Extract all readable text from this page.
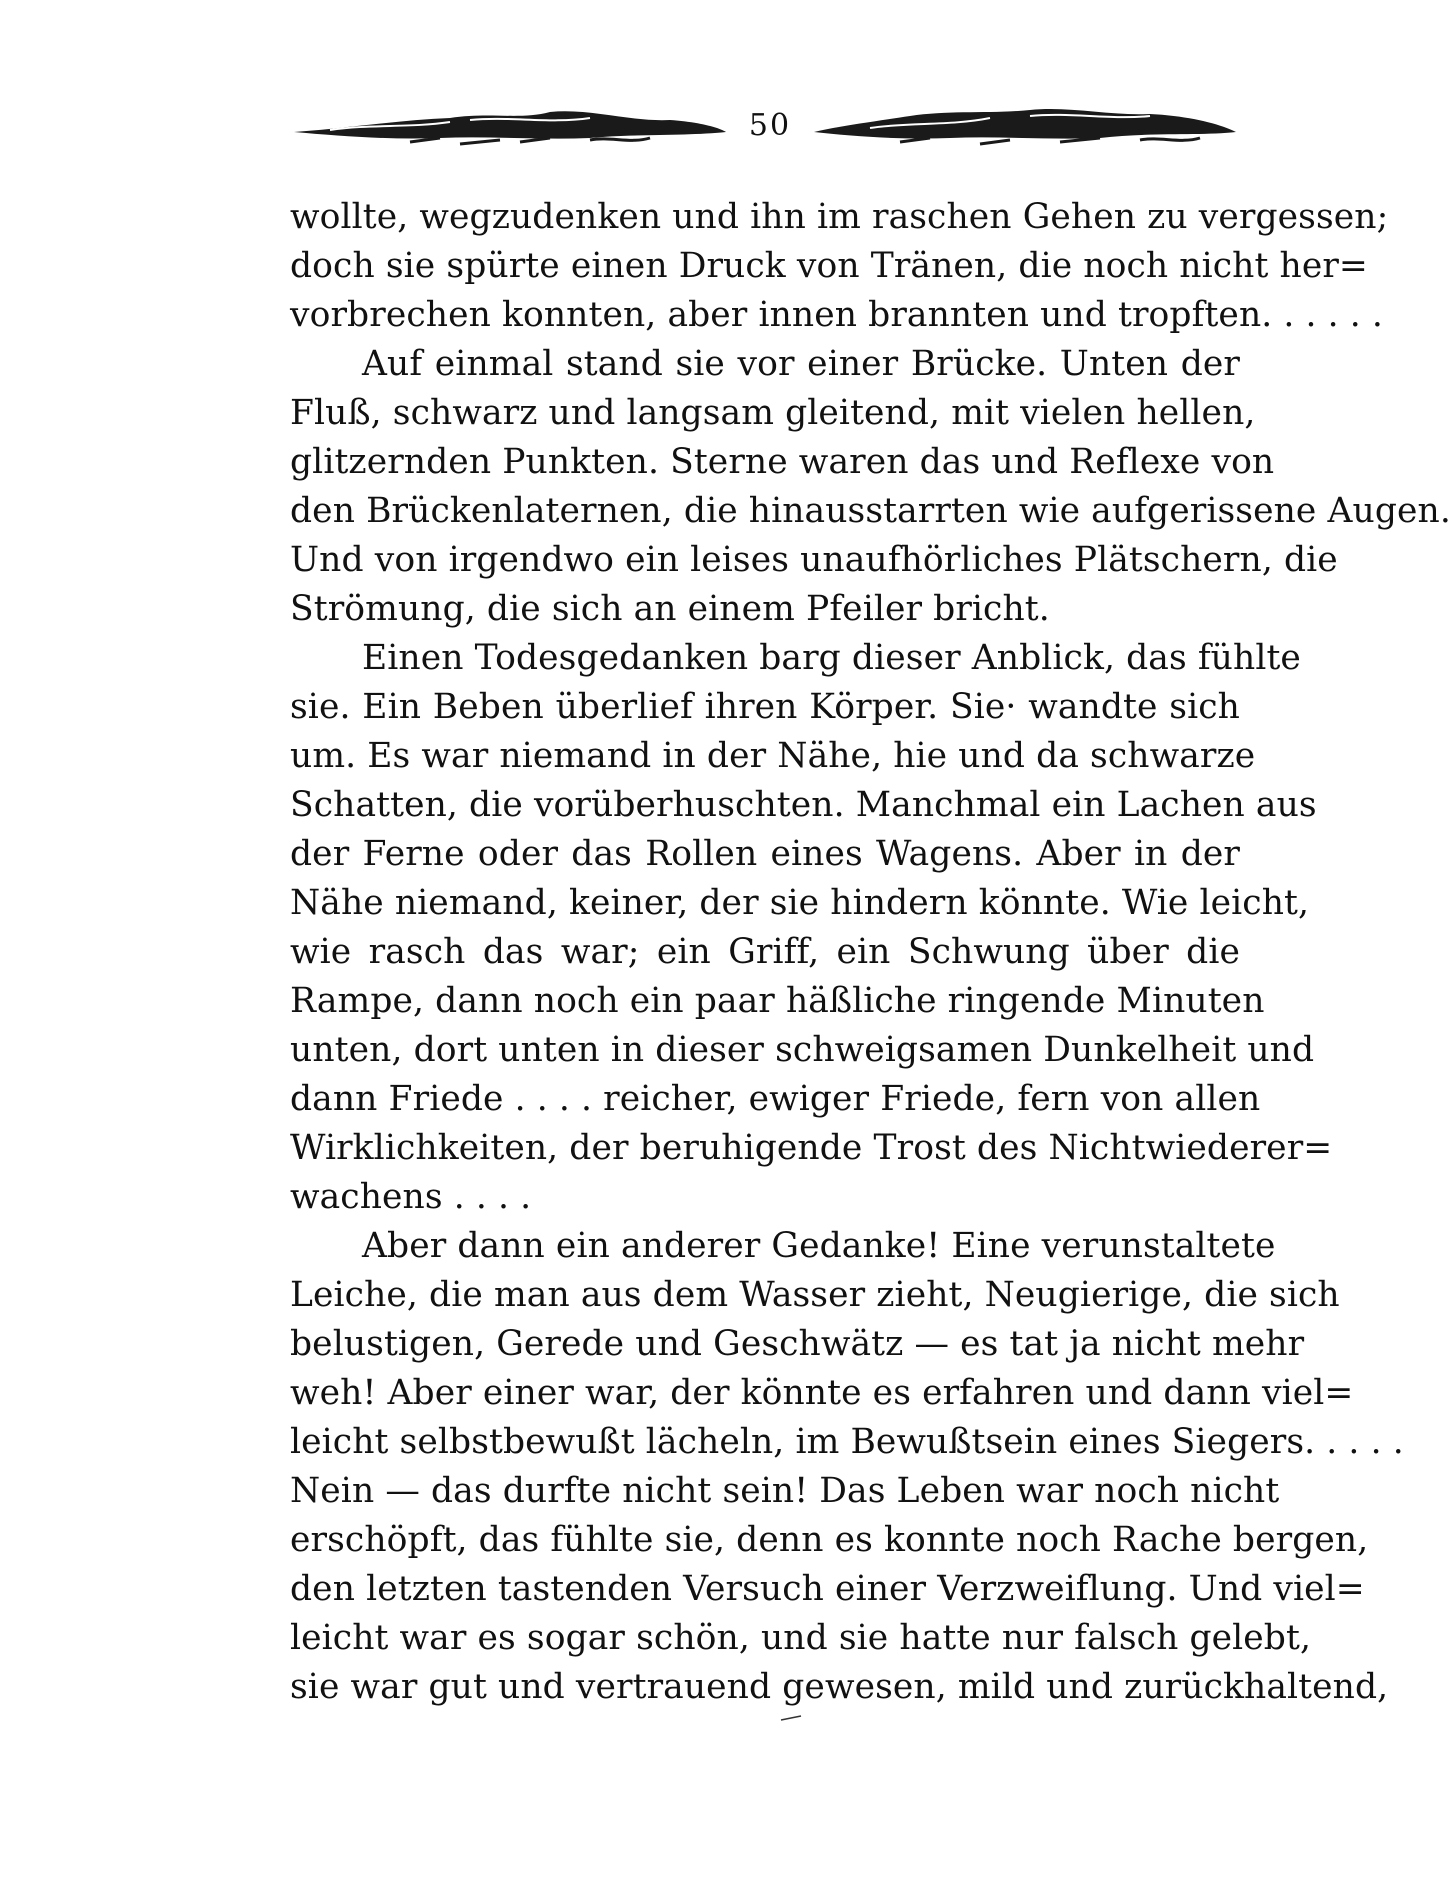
50
wollte, wegzudenken und ihn im raschen Gehen zu vergessen;
doch sie spürte einen Druck von Tränen, die noch nicht her=
vorbrechen konnten, aber innen brannten und tropften. . . . . .
Auf einmal stand sie vor einer Brücke. Unten der
Fluß, schwarz und langsam gleitend, mit vielen hellen,
glitzernden Punkten. Sterne waren das und Reflexe von
den Brückenlaternen, die hinausstarrten wie aufgerissene Augen.
Und von irgendwo ein leises unaufhörliches Plätschern, die
Strömung, die sich an einem Pfeiler bricht.
Einen Todesgedanken barg dieser Anblick, das fühlte
sie. Ein Beben überlief ihren Körper. Sie· wandte sich
um. Es war niemand in der Nähe, hie und da schwarze
Schatten, die vorüberhuschten. Manchmal ein Lachen aus
der Ferne oder das Rollen eines Wagens. Aber in der
Nähe niemand, keiner, der sie hindern könnte. Wie leicht,
wie rasch das war; ein Griff, ein Schwung über die
Rampe, dann noch ein paar häßliche ringende Minuten
unten, dort unten in dieser schweigsamen Dunkelheit und
dann Friede . . . . reicher, ewiger Friede, fern von allen
Wirklichkeiten, der beruhigende Trost des Nichtwiederer=
wachens . . . .
Aber dann ein anderer Gedanke! Eine verunstaltete
Leiche, die man aus dem Wasser zieht, Neugierige, die sich
belustigen, Gerede und Geschwätz — es tat ja nicht mehr
weh! Aber einer war, der könnte es erfahren und dann viel=
leicht selbstbewußt lächeln, im Bewußtsein eines Siegers. . . . .
Nein — das durfte nicht sein! Das Leben war noch nicht
erschöpft, das fühlte sie, denn es konnte noch Rache bergen,
den letzten tastenden Versuch einer Verzweiflung. Und viel=
leicht war es sogar schön, und sie hatte nur falsch gelebt,
sie war gut und vertrauend gewesen, mild und zurückhaltend,
